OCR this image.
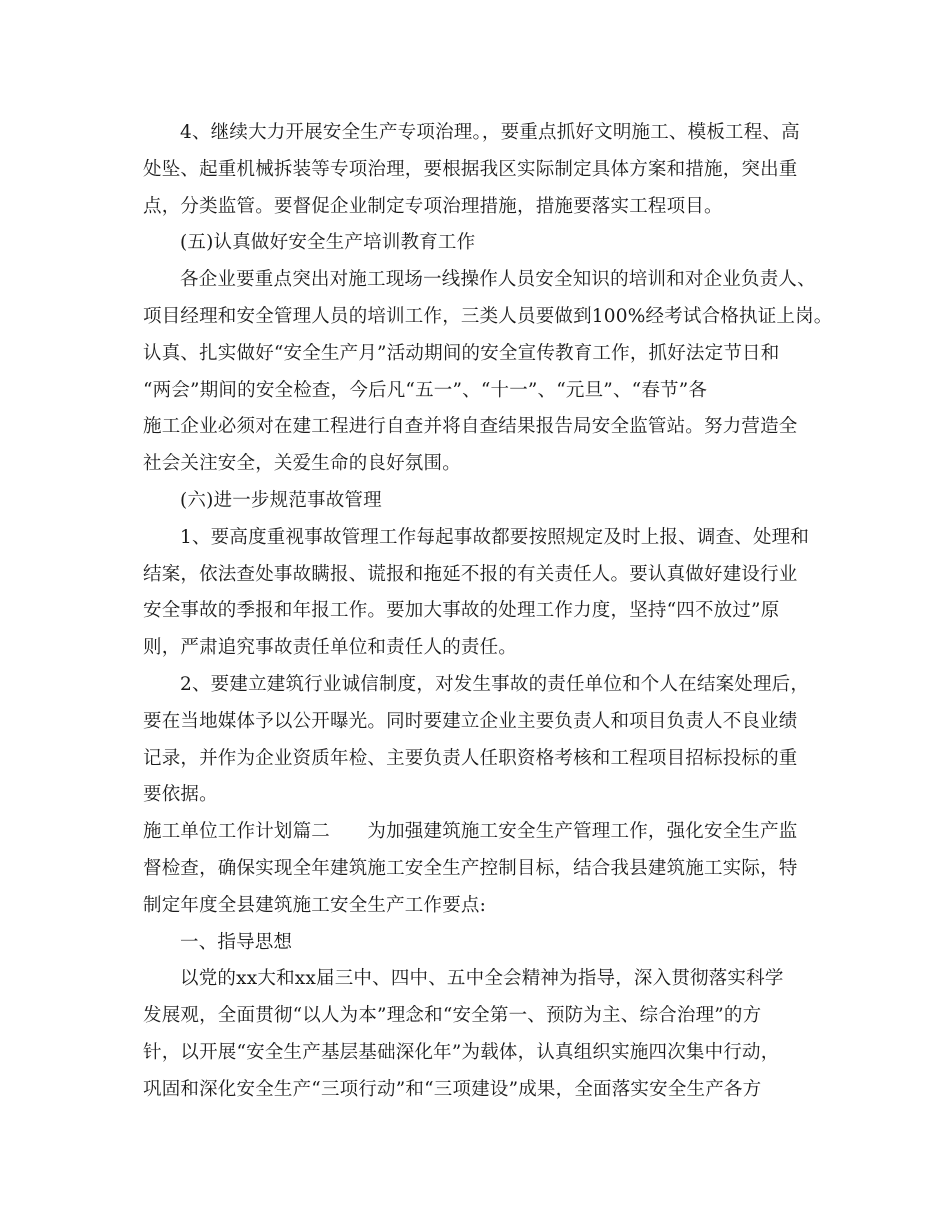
4、继续大力开展安全生产专项治理。，要重点抓好文明施工、模板工程、高
处坠、起重机械拆装等专项治理，要根据我区实际制定具体方案和措施，突出重
点，分类监管。要督促企业制定专项治理措施，措施要落实工程项目。
(五)认真做好安全生产培训教育工作
各企业要重点突出对施工现场一线操作人员安全知识的培训和对企业负责人、
项目经理和安全管理人员的培训工作，三类人员要做到100%经考试合格执证上岗。
认真、扎实做好“安全生产月”活动期间的安全宣传教育工作，抓好法定节日和
“两会”期间的安全检查，今后凡“五一”、“十一”、“元旦”、“春节”各
施工企业必须对在建工程进行自查并将自查结果报告局安全监管站。努力营造全
社会关注安全，关爱生命的良好氛围。
(六)进一步规范事故管理
1、要高度重视事故管理工作每起事故都要按照规定及时上报、调查、处理和
结案，依法查处事故瞒报、谎报和拖延不报的有关责任人。要认真做好建设行业
安全事故的季报和年报工作。要加大事故的处理工作力度，坚持“四不放过”原
则，严肃追究事故责任单位和责任人的责任。
2、要建立建筑行业诚信制度，对发生事故的责任单位和个人在结案处理后，
要在当地媒体予以公开曝光。同时要建立企业主要负责人和项目负责人不良业绩
记录，并作为企业资质年检、主要负责人任职资格考核和工程项目招标投标的重
要依据。
施工单位工作计划篇二　　为加强建筑施工安全生产管理工作，强化安全生产监
督检查，确保实现全年建筑施工安全生产控制目标，结合我县建筑施工实际，特
制定年度全县建筑施工安全生产工作要点:
一、指导思想
以党的xx大和xx届三中、四中、五中全会精神为指导，深入贯彻落实科学
发展观，全面贯彻“以人为本”理念和“安全第一、预防为主、综合治理”的方
针，以开展“安全生产基层基础深化年”为载体，认真组织实施四次集中行动，
巩固和深化安全生产“三项行动”和“三项建设”成果，全面落实安全生产各方
